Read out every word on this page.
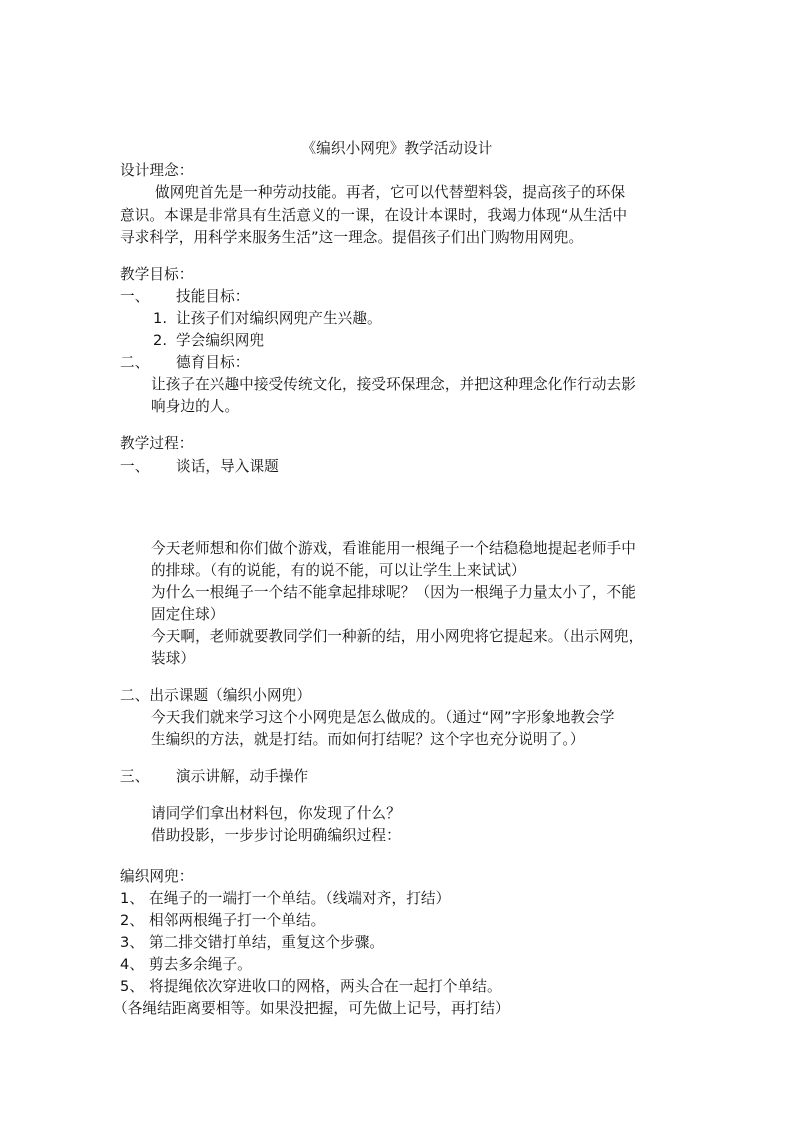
《编织小网兜》教学活动设计
设计理念：
做网兜首先是一种劳动技能。再者，它可以代替塑料袋，提高孩子的环保
意识。本课是非常具有生活意义的一课，在设计本课时，我竭力体现“从生活中
寻求科学，用科学来服务生活”这一理念。提倡孩子们出门购物用网兜。
教学目标：
一、 技能目标：
1. 让孩子们对编织网兜产生兴趣。
2. 学会编织网兜
二、 德育目标：
让孩子在兴趣中接受传统文化，接受环保理念，并把这种理念化作行动去影
响身边的人。
教学过程：
一、 谈话，导入课题
今天老师想和你们做个游戏，看谁能用一根绳子一个结稳稳地提起老师手中
的排球。（有的说能，有的说不能，可以让学生上来试试）
为什么一根绳子一个结不能拿起排球呢？（因为一根绳子力量太小了，不能
固定住球）
今天啊，老师就要教同学们一种新的结，用小网兜将它提起来。（出示网兜，
装球）
二、出示课题（编织小网兜）
今天我们就来学习这个小网兜是怎么做成的。（通过“网”字形象地教会学
生编织的方法，就是打结。而如何打结呢？这个字也充分说明了。）
三、 演示讲解，动手操作
请同学们拿出材料包，你发现了什么？
借助投影，一步步讨论明确编织过程：
编织网兜：
1、 在绳子的一端打一个单结。（线端对齐，打结）
2、 相邻两根绳子打一个单结。
3、 第二排交错打单结，重复这个步骤。
4、 剪去多余绳子。
5、 将提绳依次穿进收口的网格，两头合在一起打个单结。
（各绳结距离要相等。如果没把握，可先做上记号，再打结）
